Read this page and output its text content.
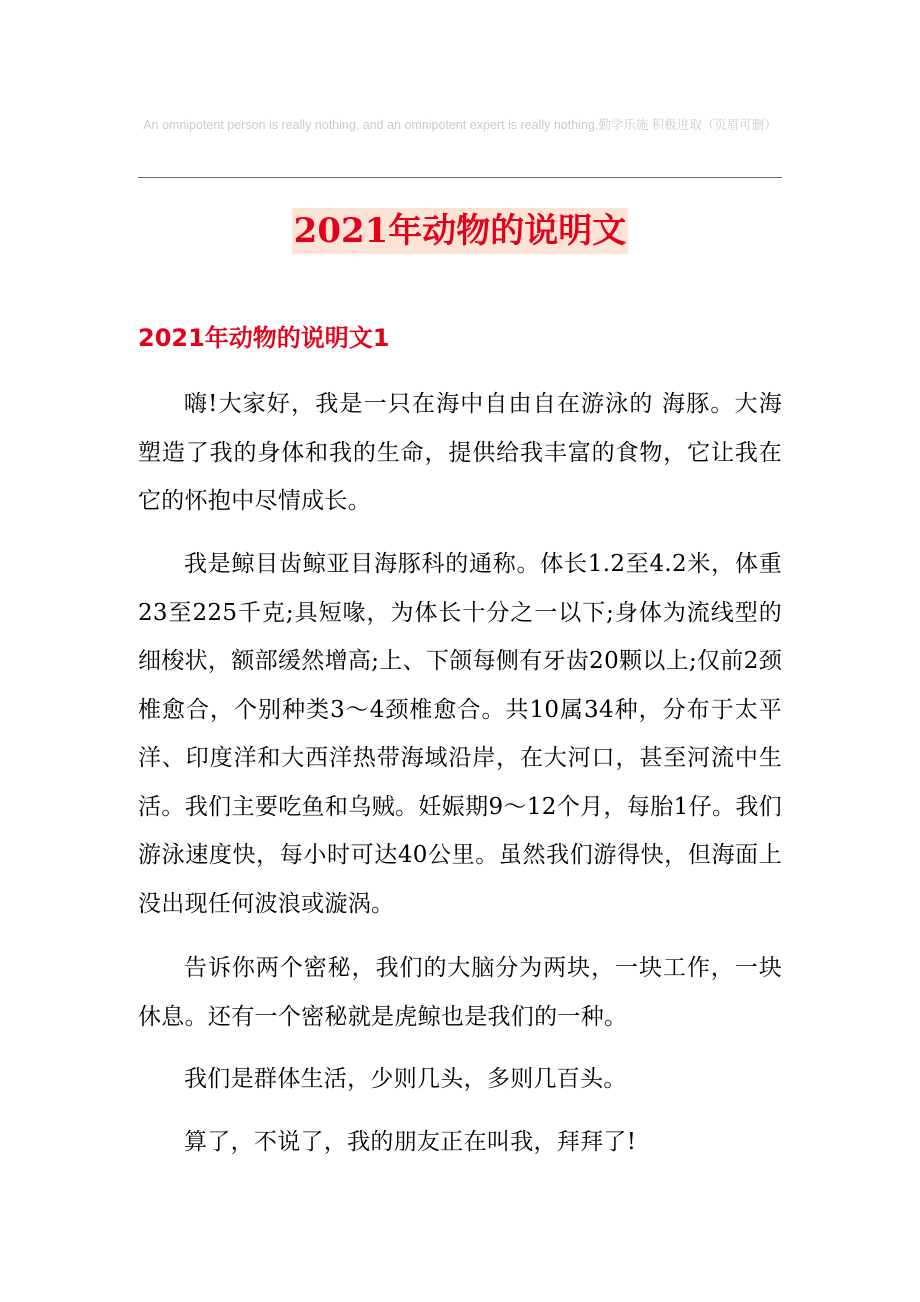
An omnipotent person is really nothing, and an omnipotent expert is really nothing.勤学乐施 积极进取（页眉可删）
2021年动物的说明文
2021年动物的说明文1

嗨!大家好，我是一只在海中自由自在游泳的 海豚。大海塑造了我的身体和我的生命，提供给我丰富的食物，它让我在它的怀抱中尽情成长。

我是鲸目齿鲸亚目海豚科的通称。体长1.2至4.2米，体重23至225千克;具短喙，为体长十分之一以下;身体为流线型的细梭状，额部缓然增高;上、下颌每侧有牙齿20颗以上;仅前2颈椎愈合，个别种类3～4颈椎愈合。共10属34种，分布于太平洋、印度洋和大西洋热带海域沿岸，在大河口，甚至河流中生活。我们主要吃鱼和乌贼。妊娠期9～12个月，每胎1仔。我们游泳速度快，每小时可达40公里。虽然我们游得快，但海面上没出现任何波浪或漩涡。

告诉你两个密秘，我们的大脑分为两块，一块工作，一块休息。还有一个密秘就是虎鲸也是我们的一种。

我们是群体生活，少则几头，多则几百头。

算了，不说了，我的朋友正在叫我，拜拜了!
